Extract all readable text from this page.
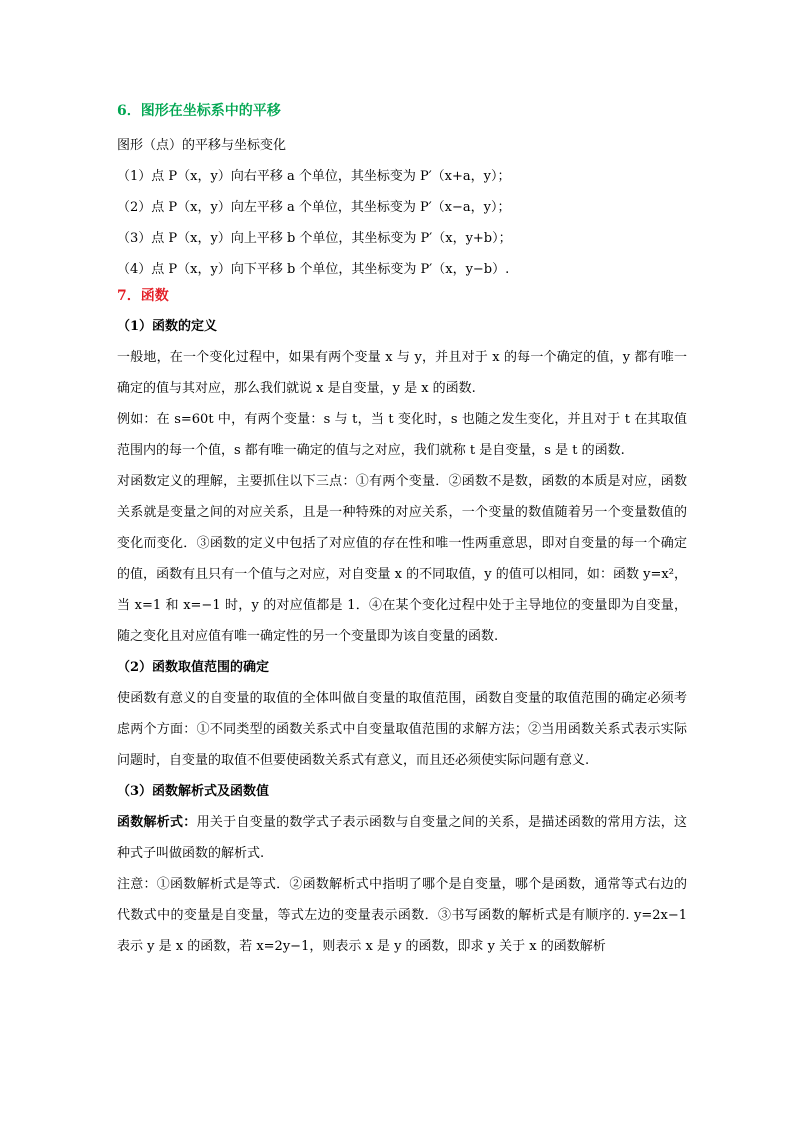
6．图形在坐标系中的平移

图形（点）的平移与坐标变化

（1）点 P（x，y）向右平移 a 个单位，其坐标变为 P′（x+a，y）；

（2）点 P（x，y）向左平移 a 个单位，其坐标变为 P′（x−a，y）；

（3）点 P（x，y）向上平移 b 个单位，其坐标变为 P′（x，y+b）；

（4）点 P（x，y）向下平移 b 个单位，其坐标变为 P′（x，y−b）.

7．函数

（1）函数的定义

一般地，在一个变化过程中，如果有两个变量 x 与 y，并且对于 x 的每一个确定的值，y 都有唯一确定的值与其对应，那么我们就说 x 是自变量，y 是 x 的函数.

例如：在 s=60t 中，有两个变量：s 与 t，当 t 变化时，s 也随之发生变化，并且对于 t 在其取值范围内的每一个值，s 都有唯一确定的值与之对应，我们就称 t 是自变量，s 是 t 的函数.

对函数定义的理解，主要抓住以下三点：①有两个变量．②函数不是数，函数的本质是对应，函数关系就是变量之间的对应关系，且是一种特殊的对应关系，一个变量的数值随着另一个变量数值的变化而变化．③函数的定义中包括了对应值的存在性和唯一性两重意思，即对自变量的每一个确定的值，函数有且只有一个值与之对应，对自变量 x 的不同取值，y 的值可以相同，如：函数 y=x²，当 x=1 和 x=−1 时，y 的对应值都是 1．④在某个变化过程中处于主导地位的变量即为自变量，随之变化且对应值有唯一确定性的另一个变量即为该自变量的函数.

（2）函数取值范围的确定

使函数有意义的自变量的取值的全体叫做自变量的取值范围，函数自变量的取值范围的确定必须考虑两个方面：①不同类型的函数关系式中自变量取值范围的求解方法；②当用函数关系式表示实际问题时，自变量的取值不但要使函数关系式有意义，而且还必须使实际问题有意义.

（3）函数解析式及函数值

函数解析式：用关于自变量的数学式子表示函数与自变量之间的关系，是描述函数的常用方法，这种式子叫做函数的解析式.

注意：①函数解析式是等式．②函数解析式中指明了哪个是自变量，哪个是函数，通常等式右边的代数式中的变量是自变量，等式左边的变量表示函数．③书写函数的解析式是有顺序的. y=2x−1 表示 y 是 x 的函数，若 x=2y−1，则表示 x 是 y 的函数，即求 y 关于 x 的函数解析
